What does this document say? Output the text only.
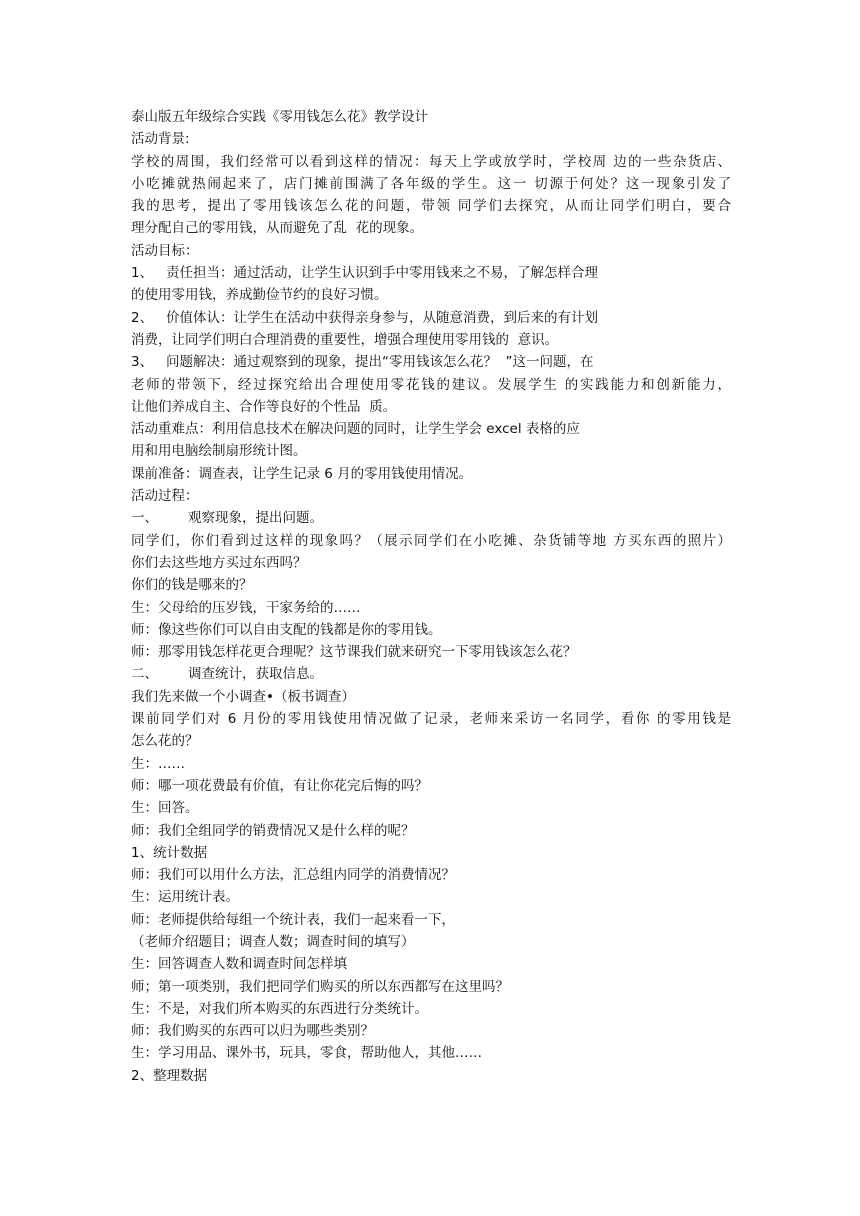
泰山版五年级综合实践《零用钱怎么花》教学设计
活动背景:
学校的周围，我们经常可以看到这样的情况：每天上学或放学时，学校周 边的一些杂货店、
小吃摊就热闹起来了，店门摊前围满了各年级的学生。这一 切源于何处？这一现象引发了
我的思考，提出了零用钱该怎么花的问题，带领 同学们去探究，从而让同学们明白，要合
理分配自己的零用钱，从而避免了乱  花的现象。
活动目标：
1、   责任担当：通过活动，让学生认识到手中零用钱来之不易，了解怎样合理
的使用零用钱，养成勤俭节约的良好习惯。
2、   价值体认：让学生在活动中获得亲身参与，从随意消费，到后来的有计划
消费，让同学们明白合理消费的重要性，增强合理使用零用钱的  意识。
3、   问题解决：通过观察到的现象，提出“零用钱该怎么花？  ”这一问题，在
老师的带领下，经过探究给出合理使用零花钱的建议。发展学生 的实践能力和创新能力，
让他们养成自主、合作等良好的个性品  质。
活动重难点：利用信息技术在解决问题的同时，让学生学会 excel 表格的应
用和用电脑绘制扇形统计图。
课前准备：调查表，让学生记录 6 月的零用钱使用情况。
活动过程：
一、       观察现象，提出问题。
同学们，你们看到过这样的现象吗？（展示同学们在小吃摊、杂货铺等地 方买东西的照片）
你们去这些地方买过东西吗？
你们的钱是哪来的？
生：父母给的压岁钱，干家务给的……
师：像这些你们可以自由支配的钱都是你的零用钱。
师：那零用钱怎样花更合理呢？这节课我们就来研究一下零用钱该怎么花？
二、       调查统计，获取信息。
我们先来做一个小调查•（板书调查）
课前同学们对 6 月份的零用钱使用情况做了记录，老师来采访一名同学，看你 的零用钱是
怎么花的？
生：……
师：哪一项花费最有价值，有让你花完后悔的吗？
生：回答。
师：我们全组同学的销费情况又是什么样的呢？
1、统计数据
师：我们可以用什么方法，汇总组内同学的消费情况？
生：运用统计表。
师：老师提供给每组一个统计表，我们一起来看一下，
（老师介绍题目；调查人数；调查时间的填写）
生：回答调查人数和调查时间怎样填
师；第一项类别，我们把同学们购买的所以东西都写在这里吗？
生：不是，对我们所本购买的东西进行分类统计。
师：我们购买的东西可以归为哪些类别？
生：学习用品、课外书，玩具，零食，帮助他人，其他……
2、整理数据
